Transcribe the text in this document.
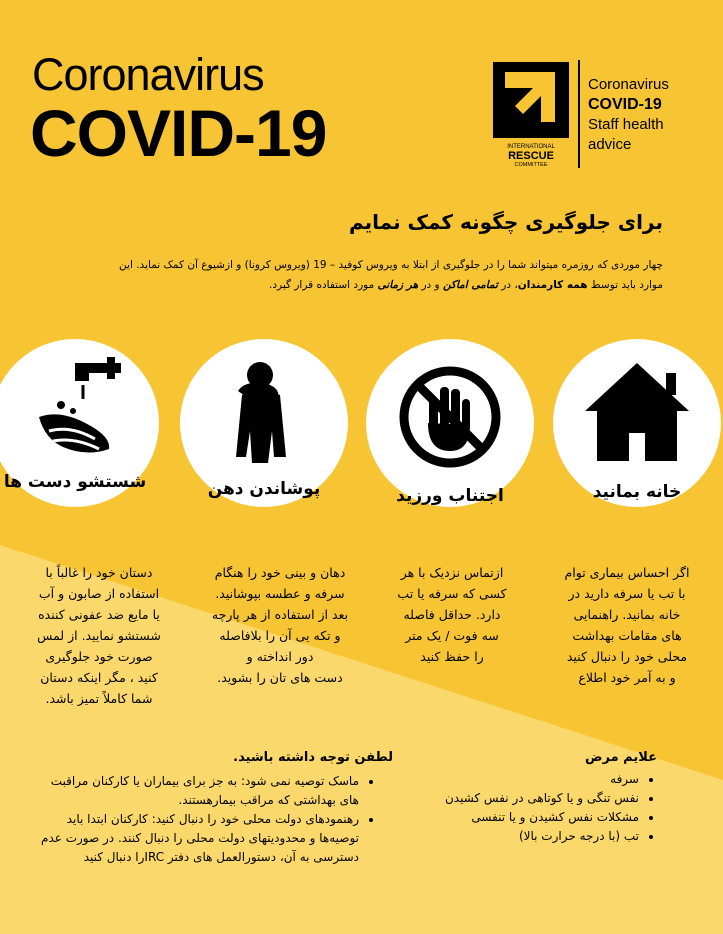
Coronavirus
COVID-19	INTERNATIONAL
RESCUE
COMMITTEE
Coronavirus
COVID-19
Staff health
advice
برای جلوگیری چگونه کمک نمایم
چهار موردی که روزمره میتواند شما را در جلوگیری از ابتلا به ویروس کوفید – 19 (ویروس کرونا) و ازشیوع آن کمک نماید. این
موارد باید توسط همه کارمندان، در تمامی اماکن و در هر زمانی مورد استفاده قرار گیرد.
خانه بمانید
اجتناب ورزید
پوشاندن دهن
شستشو دست ها
اگر احساس بیماری توام
با تب یا سرفه دارید در
خانه بمانید. راهنمایی
های مقامات بهداشت
محلی خود را دنبال کنید
و به آمر خود اطلاع
ازتماس نزدیک با هر
کسی که سرفه یا تب
دارد. حداقل فاصله
سه فوت / یک متر
را حفظ کنید
دهان و بینی خود را هنگام
سرفه و عطسه بپوشانید.
بعد از استفاده از هر پارچه
و تکه یی آن را بلافاصله
دور انداخته و
دست های تان را بشوید.
دستان خود را غالباً با
استفاده از صابون و آب
یا مایع ضد عفونی کننده
شستشو نمایید. از لمس
صورت خود جلوگیری
کنید ، مگر اینکه دستان
شما کاملاً تمیز باشد.
علایم مرض
• سرفه
• نفس تنگی و یا کوتاهی در نفس کشیدن
• مشکلات نفس کشیدن و یا تنفسی
• تب (با درجه حرارت بالا)
لطفن توجه داشته باشید.
• ماسک توصیه نمی شود: به جز برای بیماران یا کارکنان مراقبت های بهداشتی که مراقب بیمارهستند.
• رهنمودهای دولت محلی خود را دنبال کنید: کارکنان ابتدا باید توصیه‌ها و محدودیتهای دولت محلی را دنبال کنند. در صورت عدم دسترسی به آن، دستورالعمل های دفتر IRCرا دنبال کنید
